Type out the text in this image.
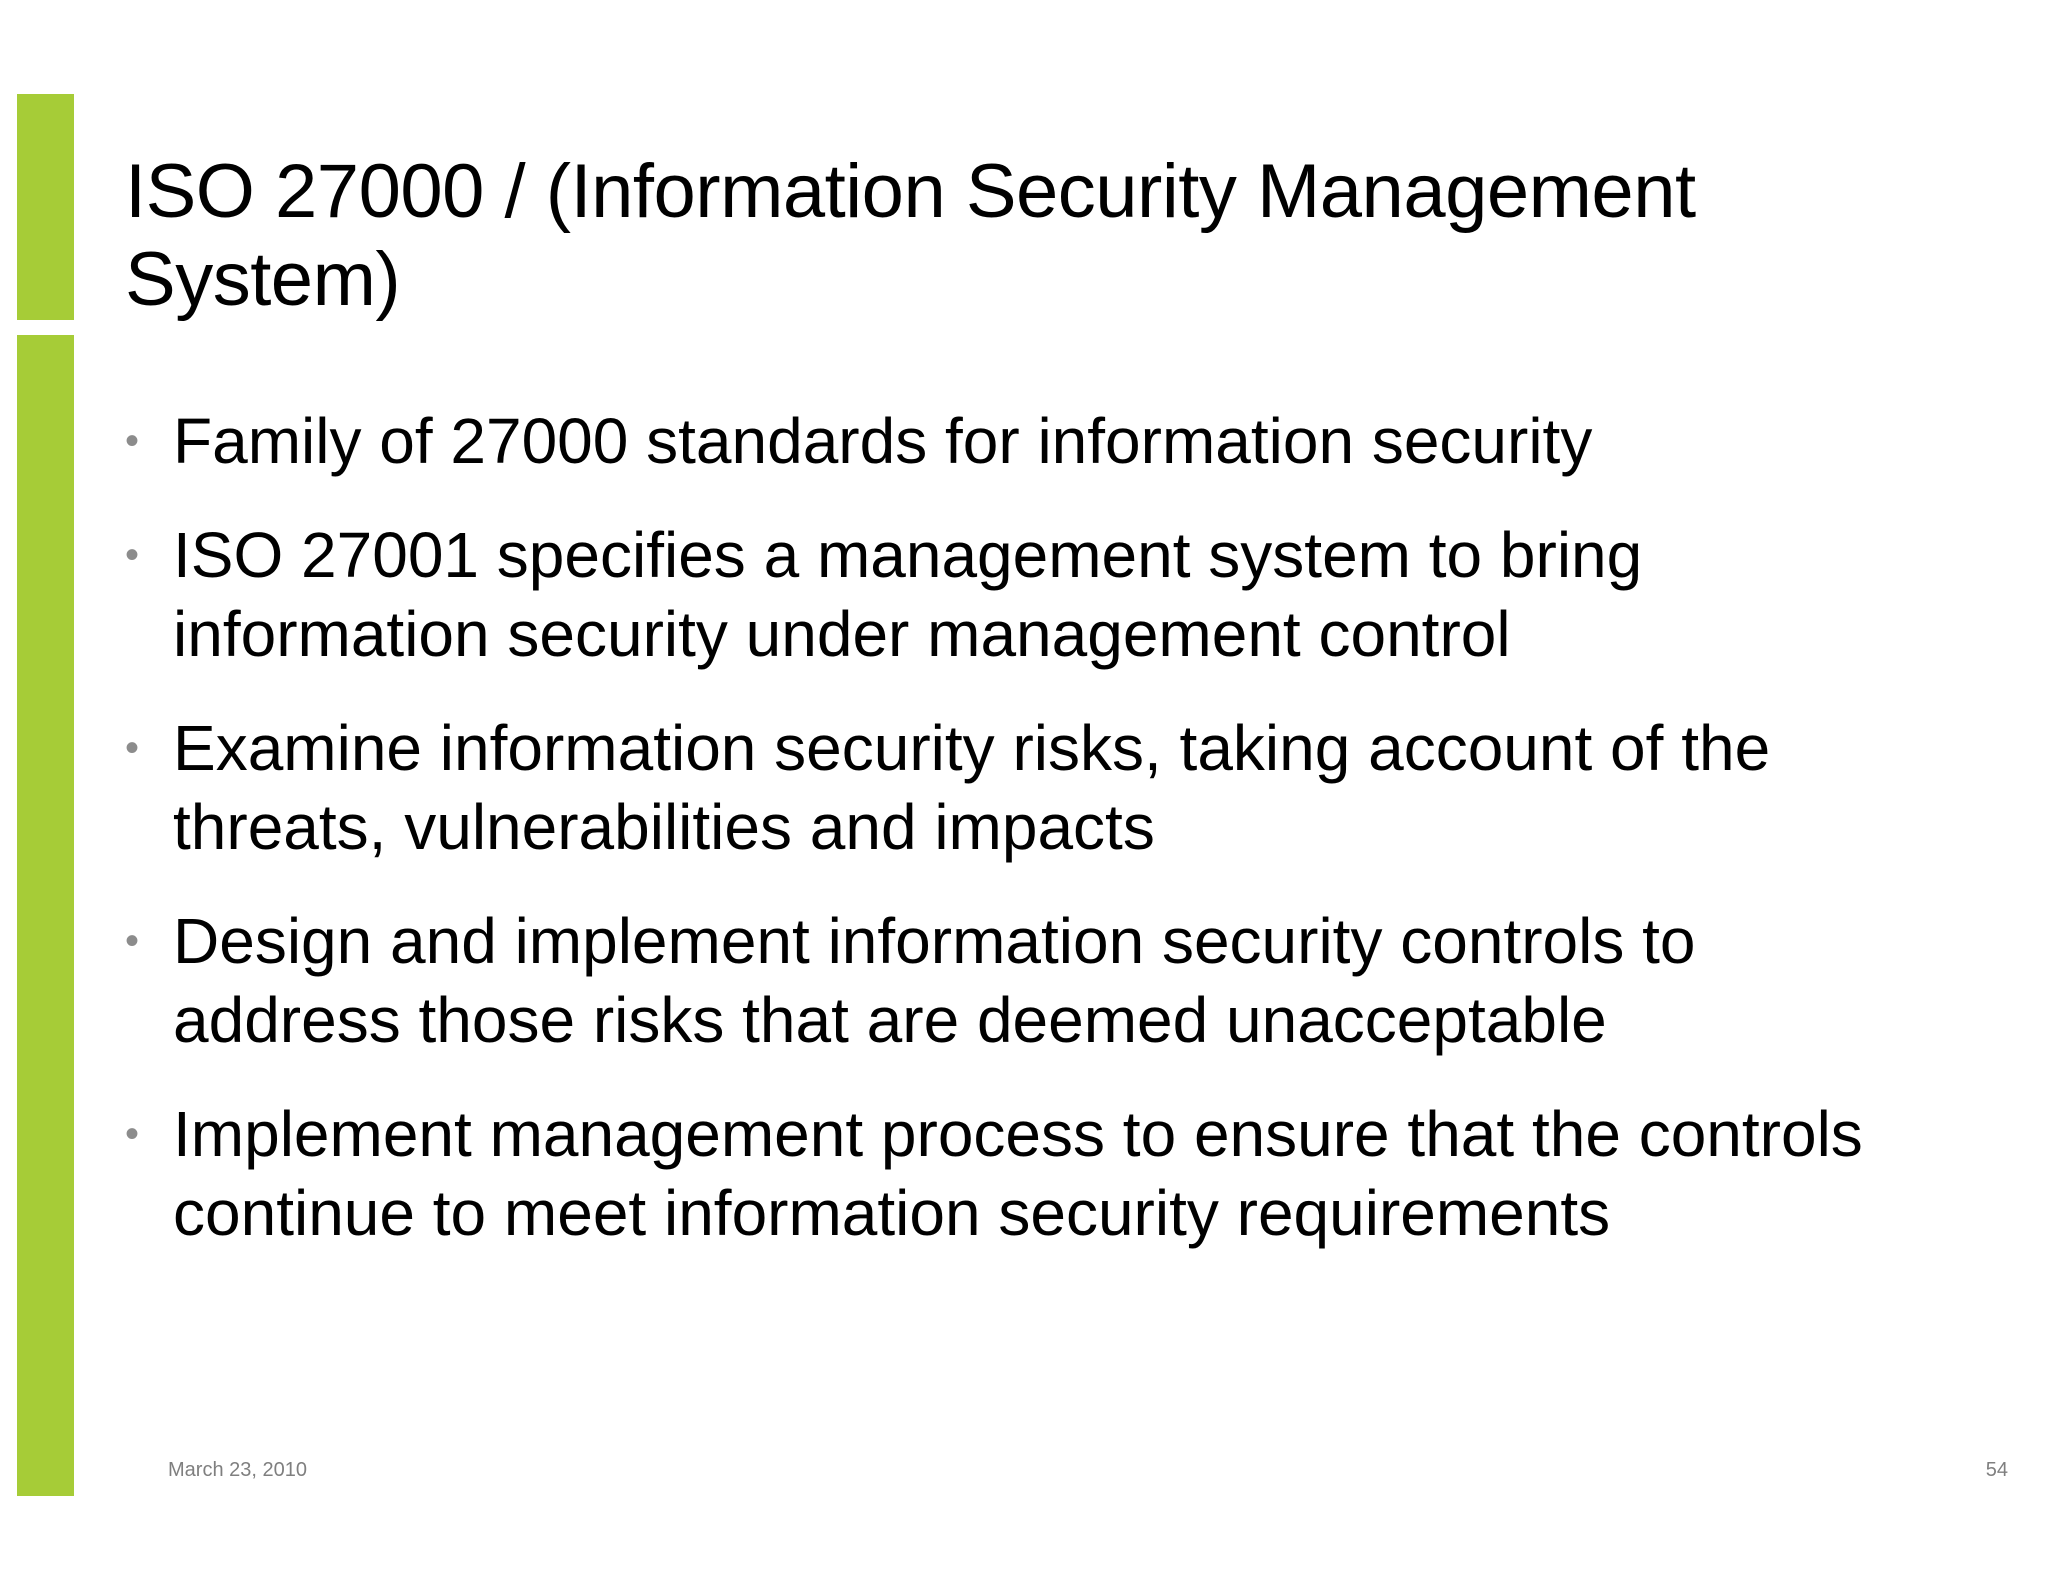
ISO 27000 / (Information Security Management System)
• Family of 27000 standards for information security
• ISO 27001 specifies a management system to bring information security under management control
• Examine information security risks, taking account of the threats, vulnerabilities and impacts
• Design and implement information security controls to address those risks that are deemed unacceptable
• Implement management process to ensure that the controls continue to meet information security requirements
March 23, 2010	54
